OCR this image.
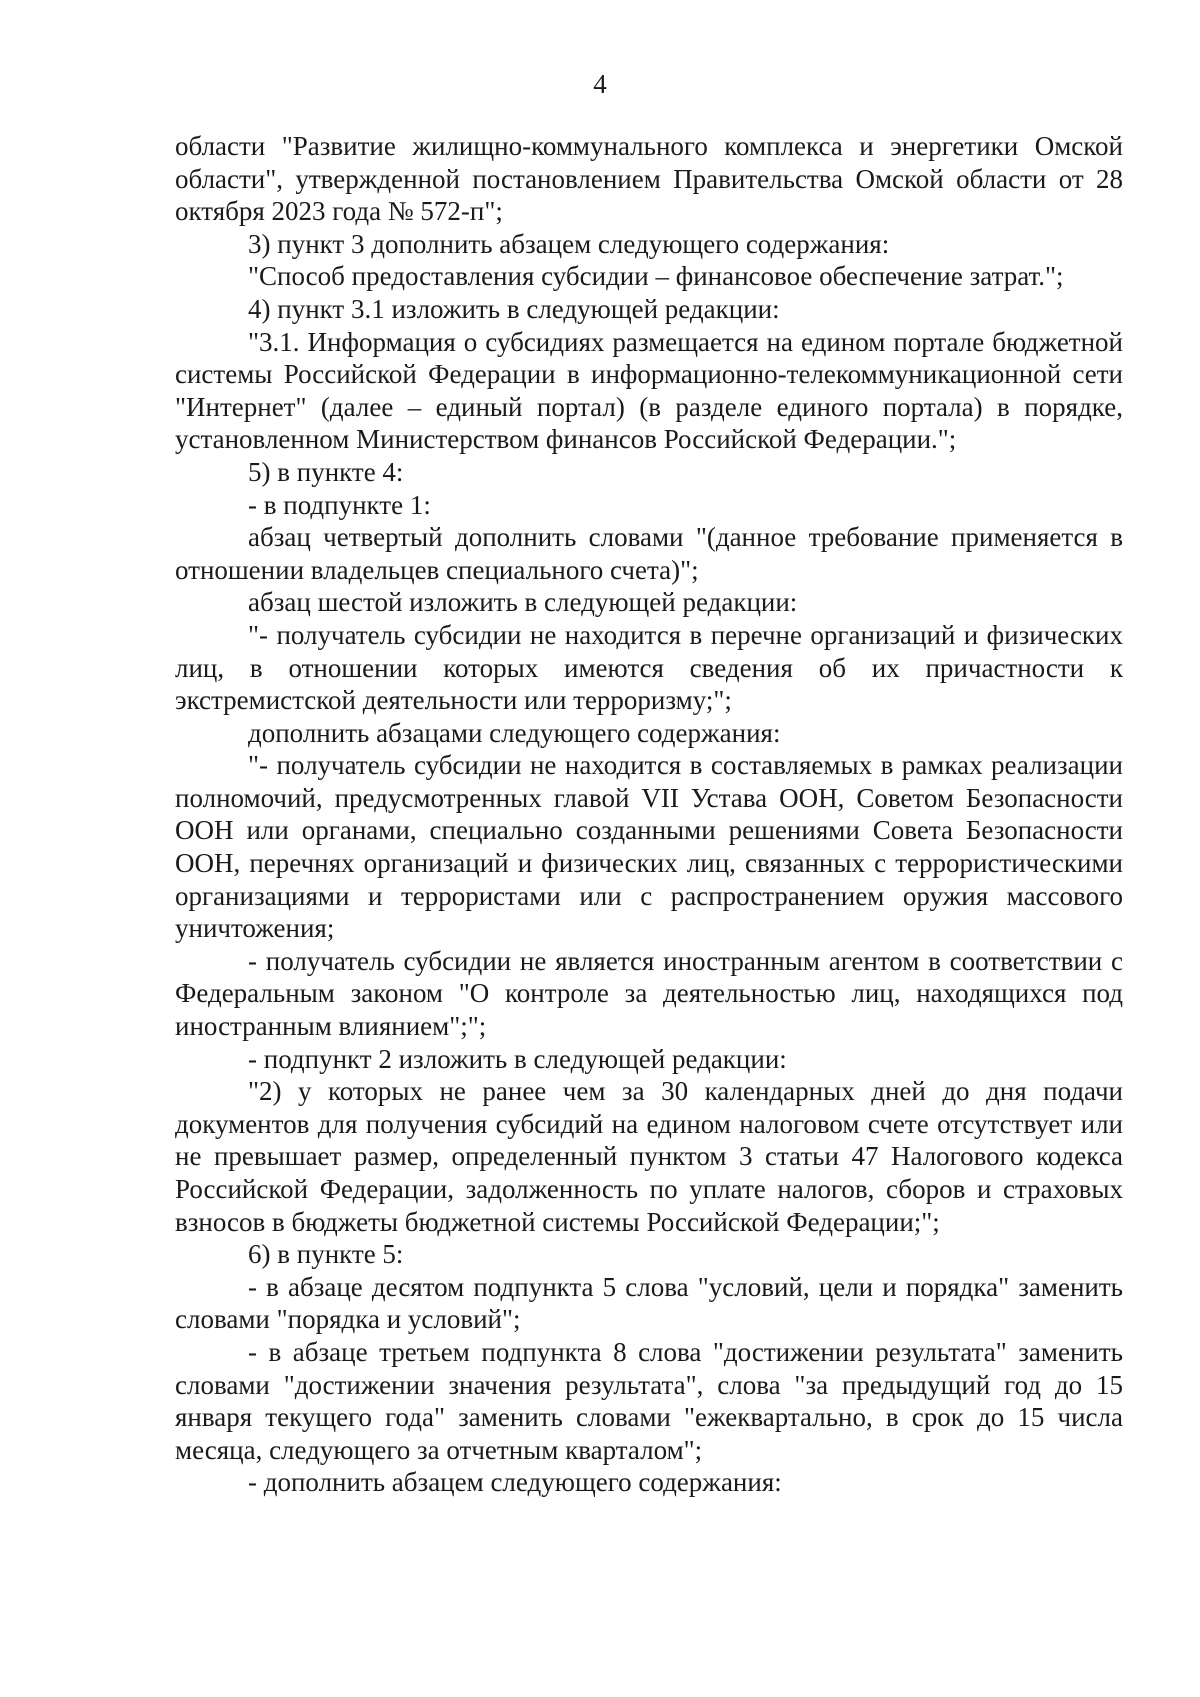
4

области "Развитие жилищно-коммунального комплекса и энергетики Омской области", утвержденной постановлением Правительства Омской области от 28 октября 2023 года № 572-п";

3) пункт 3 дополнить абзацем следующего содержания:

"Способ предоставления субсидии – финансовое обеспечение затрат.";

4) пункт 3.1 изложить в следующей редакции:

"3.1. Информация о субсидиях размещается на едином портале бюджетной системы Российской Федерации в информационно-телекоммуникационной сети "Интернет" (далее – единый портал) (в разделе единого портала) в порядке, установленном Министерством финансов Российской Федерации.";

5) в пункте 4:

- в подпункте 1:

абзац четвертый дополнить словами "(данное требование применяется в отношении владельцев специального счета)";

абзац шестой изложить в следующей редакции:

"- получатель субсидии не находится в перечне организаций и физических лиц, в отношении которых имеются сведения об их причастности к экстремистской деятельности или терроризму;";

дополнить абзацами следующего содержания:

"- получатель субсидии не находится в составляемых в рамках реализации полномочий, предусмотренных главой VII Устава ООН, Советом Безопасности ООН или органами, специально созданными решениями Совета Безопасности ООН, перечнях организаций и физических лиц, связанных с террористическими организациями и террористами или с распространением оружия массового уничтожения;

- получатель субсидии не является иностранным агентом в соответствии с Федеральным законом "О контроле за деятельностью лиц, находящихся под иностранным влиянием";";

- подпункт 2 изложить в следующей редакции:

"2) у которых не ранее чем за 30 календарных дней до дня подачи документов для получения субсидий на едином налоговом счете отсутствует или не превышает размер, определенный пунктом 3 статьи 47 Налогового кодекса Российской Федерации, задолженность по уплате налогов, сборов и страховых взносов в бюджеты бюджетной системы Российской Федерации;";

6) в пункте 5:

- в абзаце десятом подпункта 5 слова "условий, цели и порядка" заменить словами "порядка и условий";

- в абзаце третьем подпункта 8 слова "достижении результата" заменить словами "достижении значения результата", слова "за предыдущий год до 15 января текущего года" заменить словами "ежеквартально, в срок до 15 числа месяца, следующего за отчетным кварталом";

- дополнить абзацем следующего содержания:
